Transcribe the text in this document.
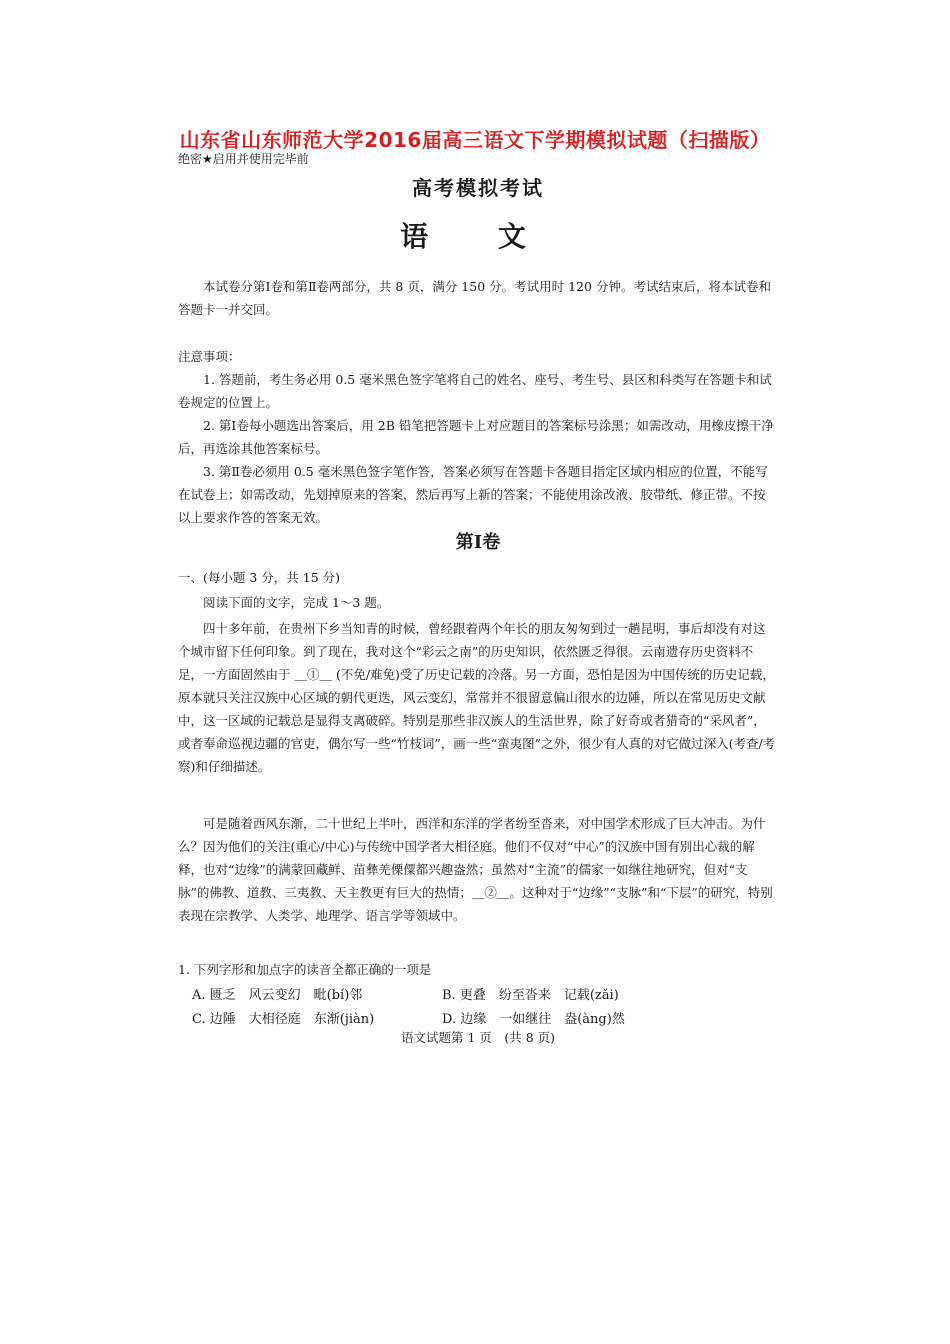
山东省山东师范大学2016届高三语文下学期模拟试题（扫描版）
绝密★启用并使用完毕前
高考模拟考试
语 文
本试卷分第Ⅰ卷和第Ⅱ卷两部分，共 8 页，满分 150 分。考试用时 120 分钟。考试结束后，将本试卷和答题卡一并交回。
注意事项：
1. 答题前，考生务必用 0.5 毫米黑色签字笔将自己的姓名、座号、考生号、县区和科类写在答题卡和试卷规定的位置上。
2. 第Ⅰ卷每小题选出答案后，用 2B 铅笔把答题卡上对应题目的答案标号涂黑；如需改动，用橡皮擦干净后，再选涂其他答案标号。
3. 第Ⅱ卷必须用 0.5 毫米黑色签字笔作答，答案必须写在答题卡各题目指定区域内相应的位置，不能写在试卷上；如需改动，先划掉原来的答案，然后再写上新的答案；不能使用涂改液、胶带纸、修正带。不按以上要求作答的答案无效。
第Ⅰ卷
一、(每小题 3 分，共 15 分)
阅读下面的文字，完成 1～3 题。
四十多年前，在贵州下乡当知青的时候，曾经跟着两个年长的朋友匆匆到过一趟昆明，事后却没有对这个城市留下任何印象。到了现在，我对这个“彩云之南”的历史知识，依然匮乏得很。云南遗存历史资料不足，一方面固然由于 ＿①＿ (不免/难免)受了历史记载的冷落。另一方面，恐怕是因为中国传统的历史记载，原本就只关注汉族中心区域的朝代更迭，风云变幻，常常并不很留意偏山很水的边陲，所以在常见历史文献中，这一区域的记载总是显得支离破碎。特别是那些非汉族人的生活世界，除了好奇或者猎奇的“采风者”，或者奉命巡视边疆的官吏，偶尔写一些“竹枝词”，画一些“蛮夷图”之外，很少有人真的对它做过深入(考查/考察)和仔细描述。
可是随着西风东渐，二十世纪上半叶，西洋和东洋的学者纷至沓来，对中国学术形成了巨大冲击。为什么？因为他们的关注(重心/中心)与传统中国学者大相径庭。他们不仅对“中心”的汉族中国有别出心裁的解释，也对“边缘”的满蒙回藏鲜、苗彝羌傈僳都兴趣盎然；虽然对“主流”的儒家一如继往地研究，但对“支脉”的佛教、道教、三夷教、天主教更有巨大的热情；＿②＿。这种对于“边缘”“支脉”和“下层”的研究，特别表现在宗教学、人类学、地理学、语言学等领域中。
1. 下列字形和加点字的读音全都正确的一项是
A. 匮乏　风云变幻　毗(bí)邻	B. 更叠　纷至沓来　记载(zǎi)
C. 边陲　大相径庭　东渐(jiàn)	D. 边缘　一如继往　盎(àng)然
语文试题第 1 页　(共 8 页)
